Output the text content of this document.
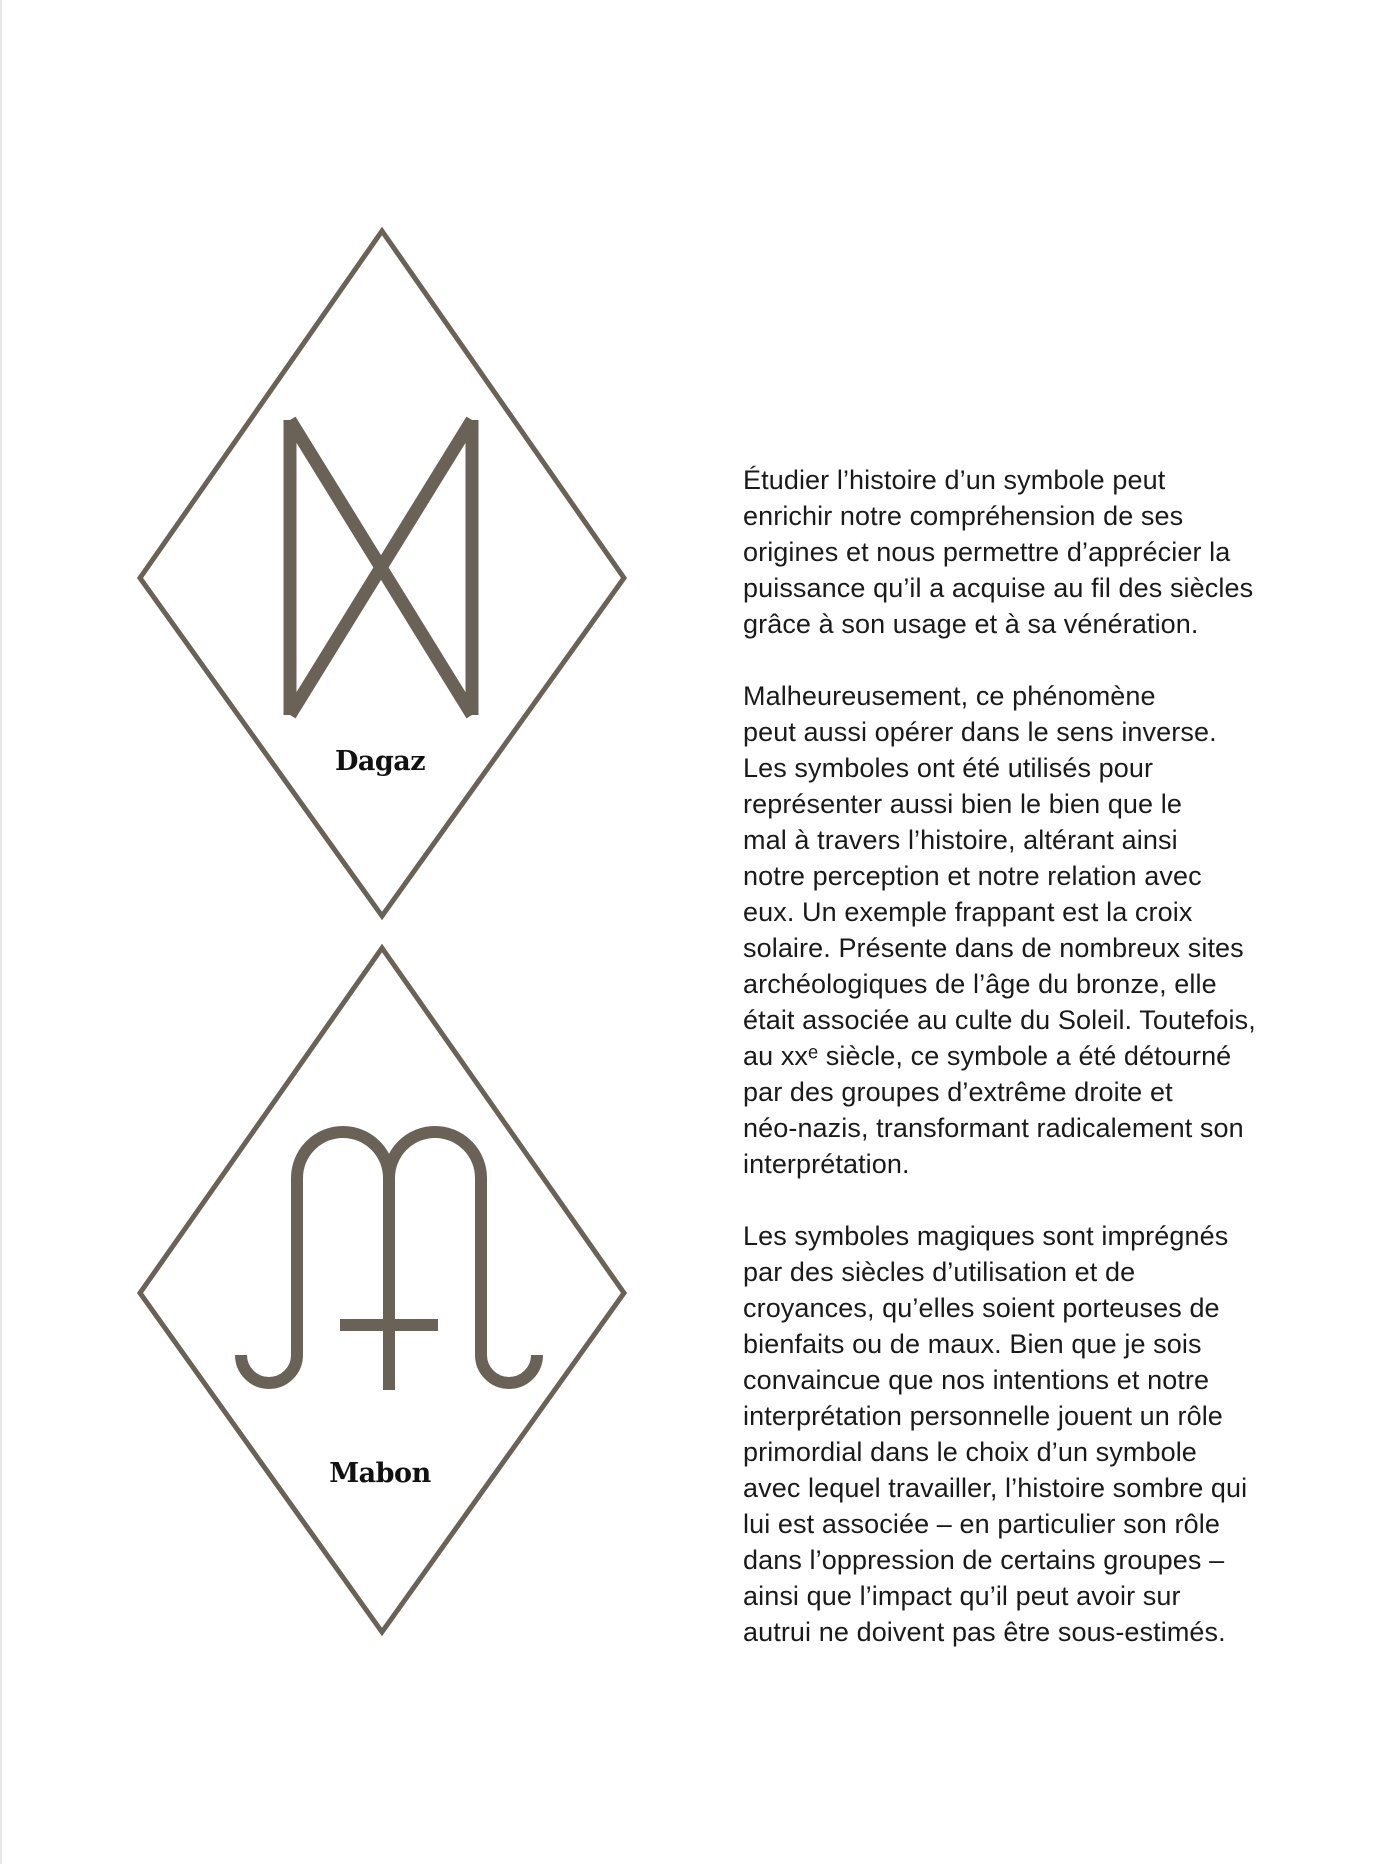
Dagaz
Mabon

Étudier l’histoire d’un symbole peut
enrichir notre compréhension de ses
origines et nous permettre d’apprécier la
puissance qu’il a acquise au fil des siècles
grâce à son usage et à sa vénération.

Malheureusement, ce phénomène
peut aussi opérer dans le sens inverse.
Les symboles ont été utilisés pour
représenter aussi bien le bien que le
mal à travers l’histoire, altérant ainsi
notre perception et notre relation avec
eux. Un exemple frappant est la croix
solaire. Présente dans de nombreux sites
archéologiques de l’âge du bronze, elle
était associée au culte du Soleil. Toutefois,
au xxᵉ siècle, ce symbole a été détourné
par des groupes d’extrême droite et
néo-nazis, transformant radicalement son
interprétation.

Les symboles magiques sont imprégnés
par des siècles d’utilisation et de
croyances, qu’elles soient porteuses de
bienfaits ou de maux. Bien que je sois
convaincue que nos intentions et notre
interprétation personnelle jouent un rôle
primordial dans le choix d’un symbole
avec lequel travailler, l’histoire sombre qui
lui est associée – en particulier son rôle
dans l’oppression de certains groupes –
ainsi que l’impact qu’il peut avoir sur
autrui ne doivent pas être sous-estimés.
